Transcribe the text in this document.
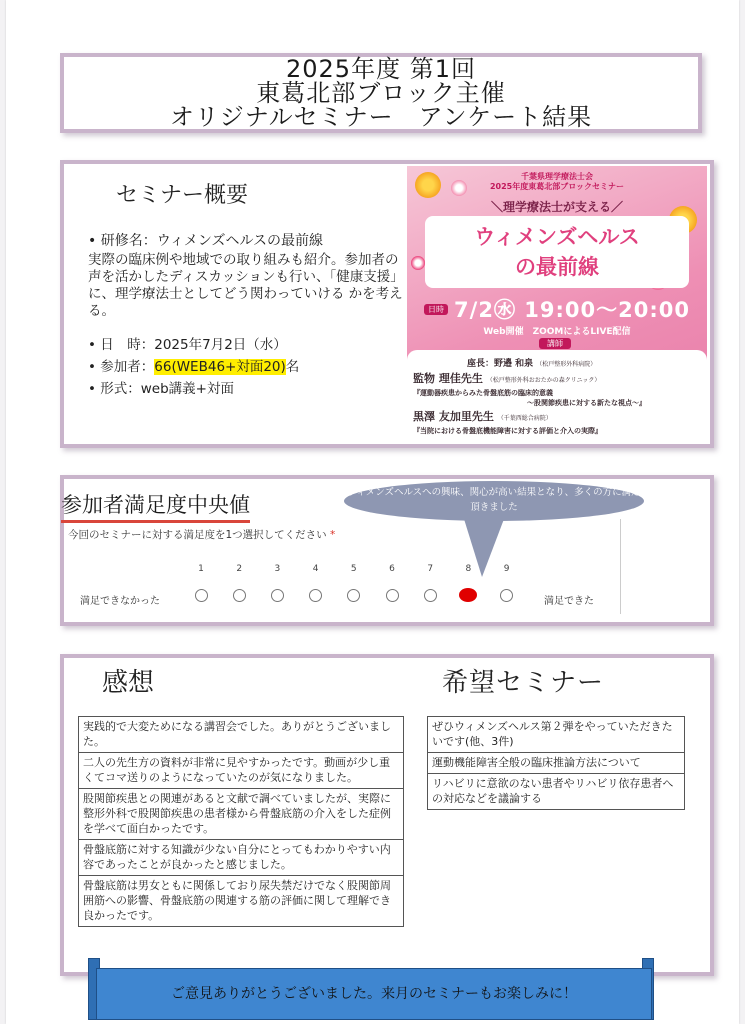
2025年度 第1回
東葛北部ブロック主催
オリジナルセミナー　アンケート結果
セミナー概要
• 研修名：ウィメンズヘルスの最前線
実際の臨床例や地域での取り組みも紹介。参加者の声を活かしたディスカッションも行い、「健康支援」に、理学療法士としてどう関わっていける かを考える。
• 日　時：2025年7月2日（水）
• 参加者：66(WEB46+対面20)名
• 形式：web講義+対面
千葉県理学療法士会
2025年度東葛北部ブロックセミナー
＼理学療法士が支える／
ウィメンズヘルス
の最前線
日時 7/2㊌ 19:00～20:00
Web開催　ZOOMによるLIVE配信
講師
座長：野邉 和泉 （松戸整形外科病院）
監物 理佳先生 （松戸整形外科おおたかの森クリニック）
『運動器疾患からみた骨盤底筋の臨床的意義
～股関節疾患に対する新たな視点～』
黒澤 友加里先生 （千葉西総合病院）
『当院における骨盤底機能障害に対する評価と介入の実際』
ウィメンズヘルスへの興味、関心が高い結果となり、多くの方に満足頂きました
参加者満足度中央値
今回のセミナーに対する満足度を1つ選択してください *
1	2	3	4	5	6	7	8	9
満足できなかった	満足できた
感想	希望セミナー
実践的で大変ためになる講習会でした。ありがとうございました。
二人の先生方の資料が非常に見やすかったです。動画が少し重くてコマ送りのようになっていたのが気になりました。
股関節疾患との関連があると文献で調べていましたが、実際に整形外科で股関節疾患の患者様から骨盤底筋の介入をした症例を学べて面白かったです。
骨盤底筋に対する知識が少ない自分にとってもわかりやすい内容であったことが良かったと感じました。
骨盤底筋は男女ともに関係しており尿失禁だけでなく股関節周囲筋への影響、骨盤底筋の関連する筋の評価に関して理解でき良かったです。
ぜひウィメンズヘルス第２弾をやっていただきたいです(他、3件)
運動機能障害全般の臨床推論方法について
リハビリに意欲のない患者やリハビリ依存患者への対応などを議論する
ご意見ありがとうございました。来月のセミナーもお楽しみに！
